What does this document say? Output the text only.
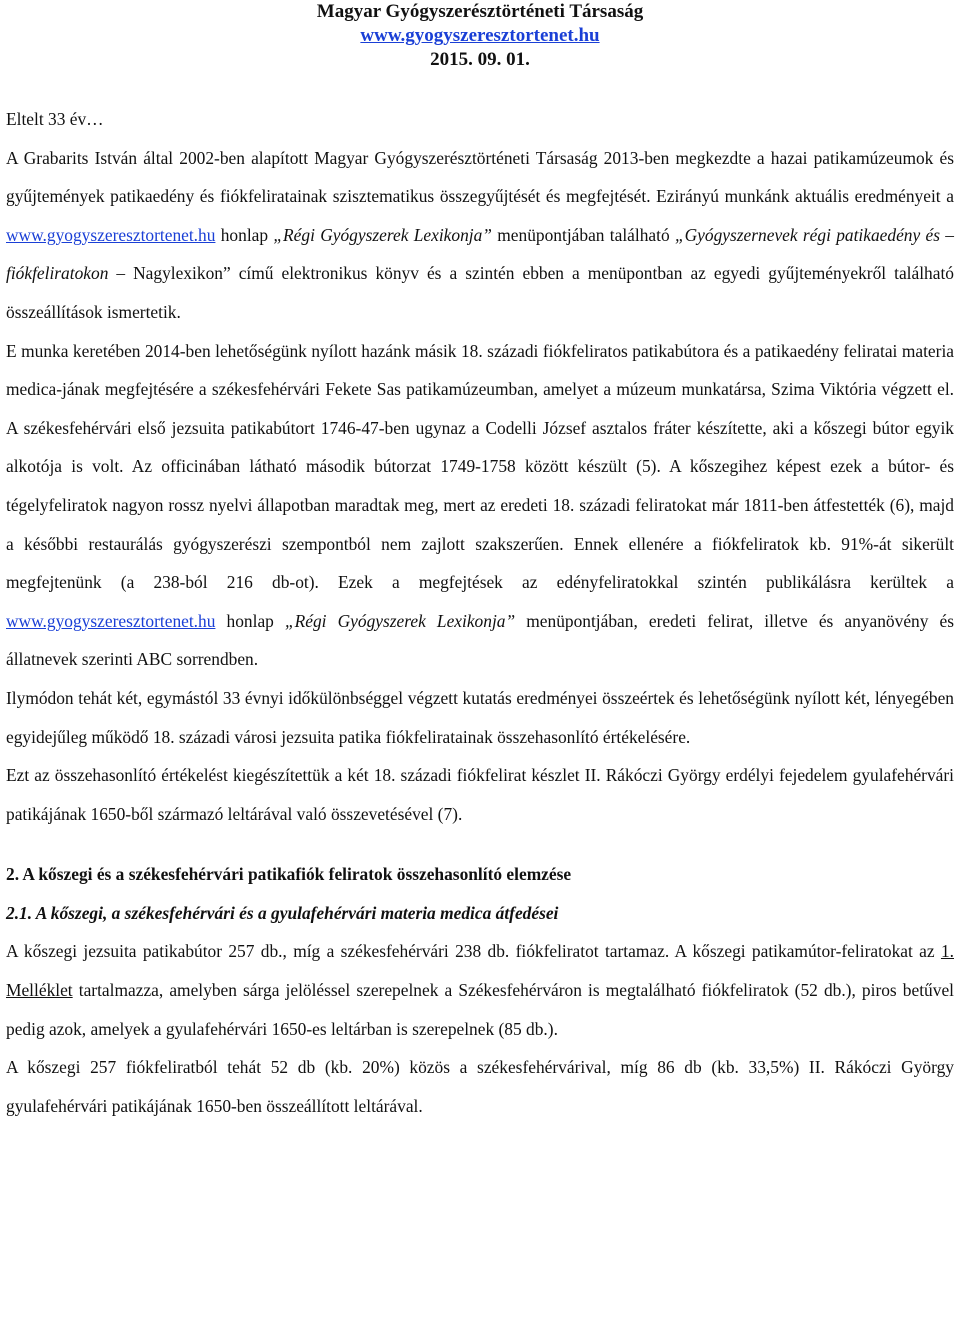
Magyar Gyógyszerésztörténeti Társaság
www.gyogyszeresztortenet.hu
2015. 09. 01.

Eltelt 33 év…

A Grabarits István által 2002-ben alapított Magyar Gyógyszerésztörténeti Társaság 2013-ben megkezdte a hazai patikamúzeumok és gyűjtemények patikaedény és fiókfeliratainak szisztematikus összegyűjtését és megfejtését. Ezirányú munkánk aktuális eredményeit a www.gyogyszeresztortenet.hu honlap „Régi Gyógyszerek Lexikonja” menüpontjában található „Gyógyszernevek régi patikaedény és –fiókfeliratokon – Nagylexikon” című elektronikus könyv és a szintén ebben a menüpontban az egyedi gyűjteményekről található összeállítások ismertetik.

E munka keretében 2014-ben lehetőségünk nyílott hazánk másik 18. századi fiókfeliratos patikabútora és a patikaedény feliratai materia medica-jának megfejtésére a székesfehérvári Fekete Sas patikamúzeumban, amelyet a múzeum munkatársa, Szima Viktória végzett el. A székesfehérvári első jezsuita patikabútort 1746-47-ben ugynaz a Codelli József asztalos fráter készítette, aki a kőszegi bútor egyik alkotója is volt. Az officinában látható második bútorzat 1749-1758 között készült (5). A kőszegihez képest ezek a bútor- és tégelyfeliratok nagyon rossz nyelvi állapotban maradtak meg, mert az eredeti 18. századi feliratokat már 1811-ben átfestették (6), majd a későbbi restaurálás gyógyszerészi szempontból nem zajlott szakszerűen. Ennek ellenére a fiókfeliratok kb. 91%-át sikerült megfejtenünk (a 238-ból 216 db-ot). Ezek a megfejtések az edényfeliratokkal szintén publikálásra kerültek a www.gyogyszeresztortenet.hu honlap „Régi Gyógyszerek Lexikonja” menüpontjában, eredeti felirat, illetve és anyanövény és állatnevek szerinti ABC sorrendben.

Ilymódon tehát két, egymástól 33 évnyi időkülönbséggel végzett kutatás eredményei összeértek és lehetőségünk nyílott két, lényegében egyidejűleg működő 18. századi városi jezsuita patika fiókfeliratainak összehasonlító értékelésére.

Ezt az összehasonlító értékelést kiegészítettük a két 18. századi fiókfelirat készlet II. Rákóczi György erdélyi fejedelem gyulafehérvári patikájának 1650-ből származó leltárával való összevetésével (7).

2. A kőszegi és a székesfehérvári patikafiók feliratok összehasonlító elemzése
2.1. A kőszegi, a székesfehérvári és a gyulafehérvári materia medica átfedései

A kőszegi jezsuita patikabútor 257 db., míg a székesfehérvári 238 db. fiókfeliratot tartamaz. A kőszegi patikamútor-feliratokat az 1. Melléklet tartalmazza, amelyben sárga jelöléssel szerepelnek a Székesfehérváron is megtalálható fiókfeliratok (52 db.), piros betűvel pedig azok, amelyek a gyulafehérvári 1650-es leltárban is szerepelnek (85 db.).

A kőszegi 257 fiókfeliratból tehát 52 db (kb. 20%) közös a székesfehérvárival, míg 86 db (kb. 33,5%) II. Rákóczi György gyulafehérvári patikájának 1650-ben összeállított leltárával.
